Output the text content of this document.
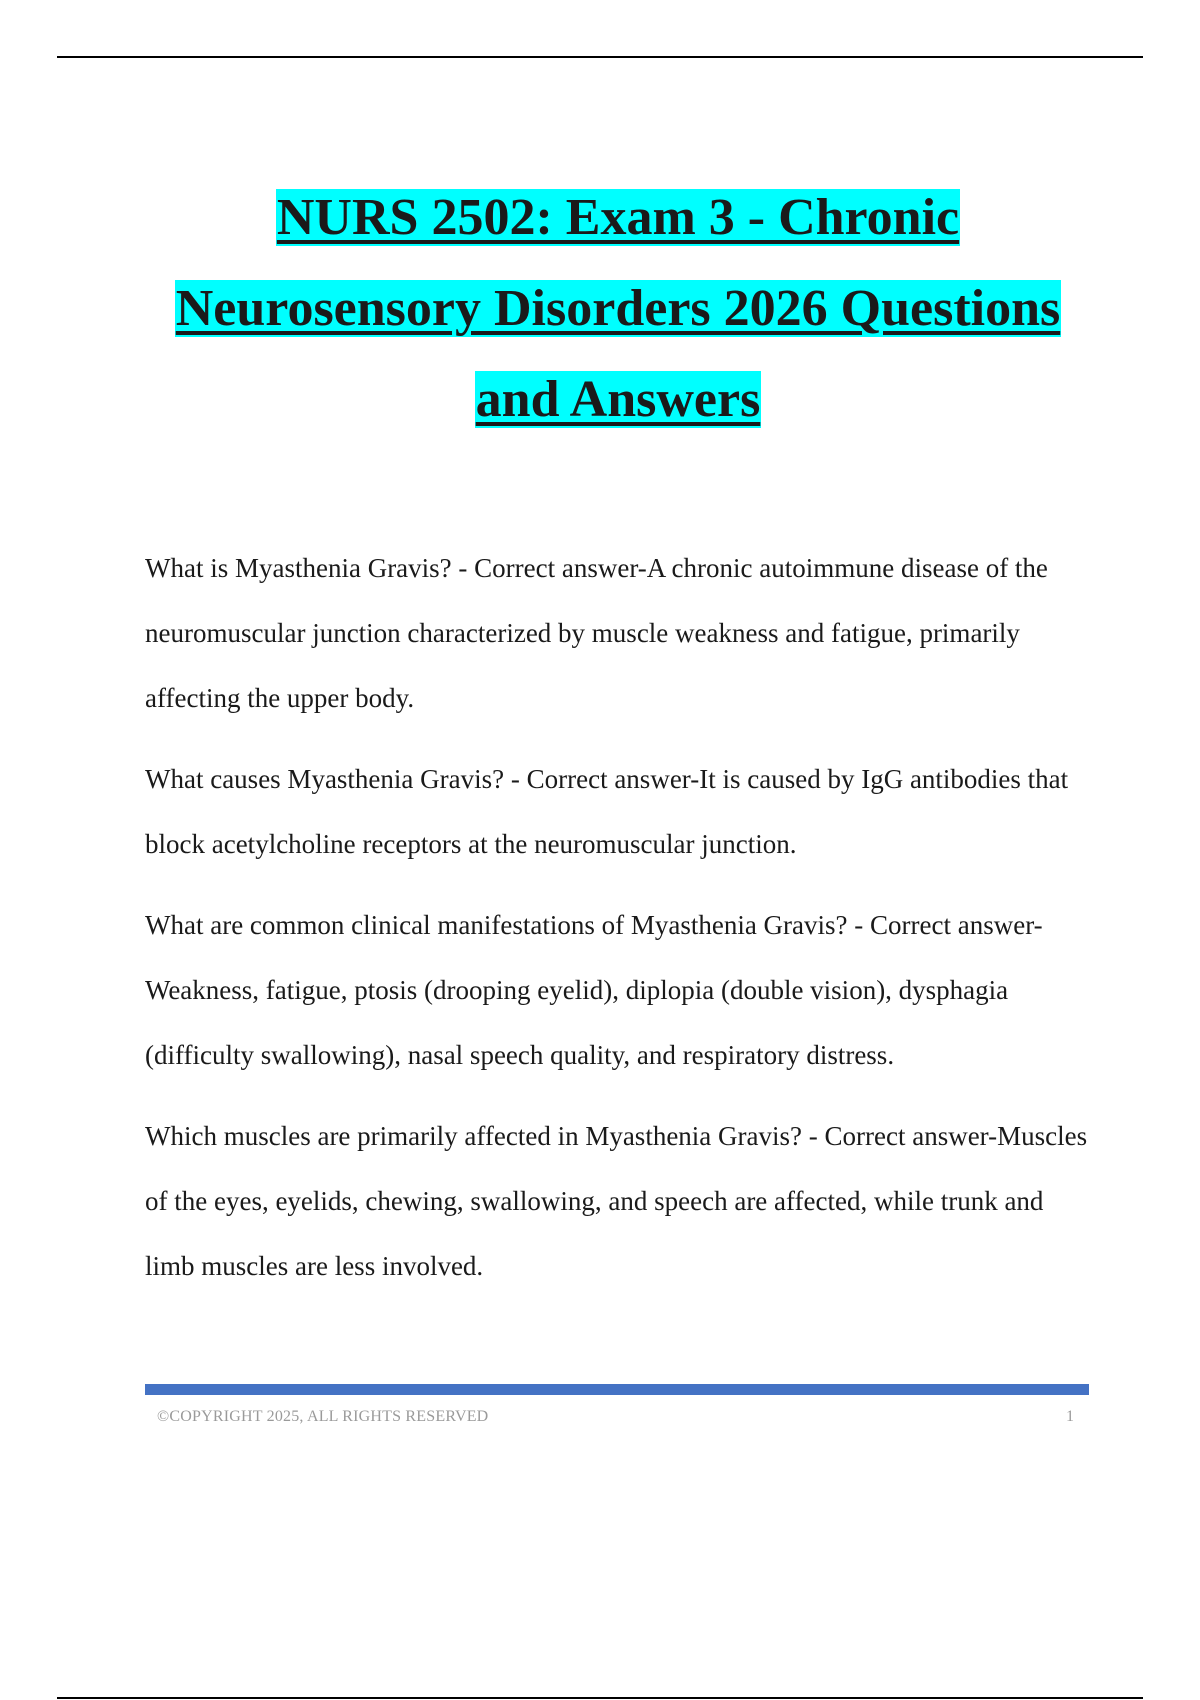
NURS 2502: Exam 3 - Chronic
Neurosensory Disorders 2026 Questions
and Answers

What is Myasthenia Gravis? - Correct answer-A chronic autoimmune disease of the neuromuscular junction characterized by muscle weakness and fatigue, primarily affecting the upper body.

What causes Myasthenia Gravis? - Correct answer-It is caused by IgG antibodies that block acetylcholine receptors at the neuromuscular junction.

What are common clinical manifestations of Myasthenia Gravis? - Correct answer-Weakness, fatigue, ptosis (drooping eyelid), diplopia (double vision), dysphagia (difficulty swallowing), nasal speech quality, and respiratory distress.

Which muscles are primarily affected in Myasthenia Gravis? - Correct answer-Muscles of the eyes, eyelids, chewing, swallowing, and speech are affected, while trunk and limb muscles are less involved.

©COPYRIGHT 2025, ALL RIGHTS RESERVED	1
